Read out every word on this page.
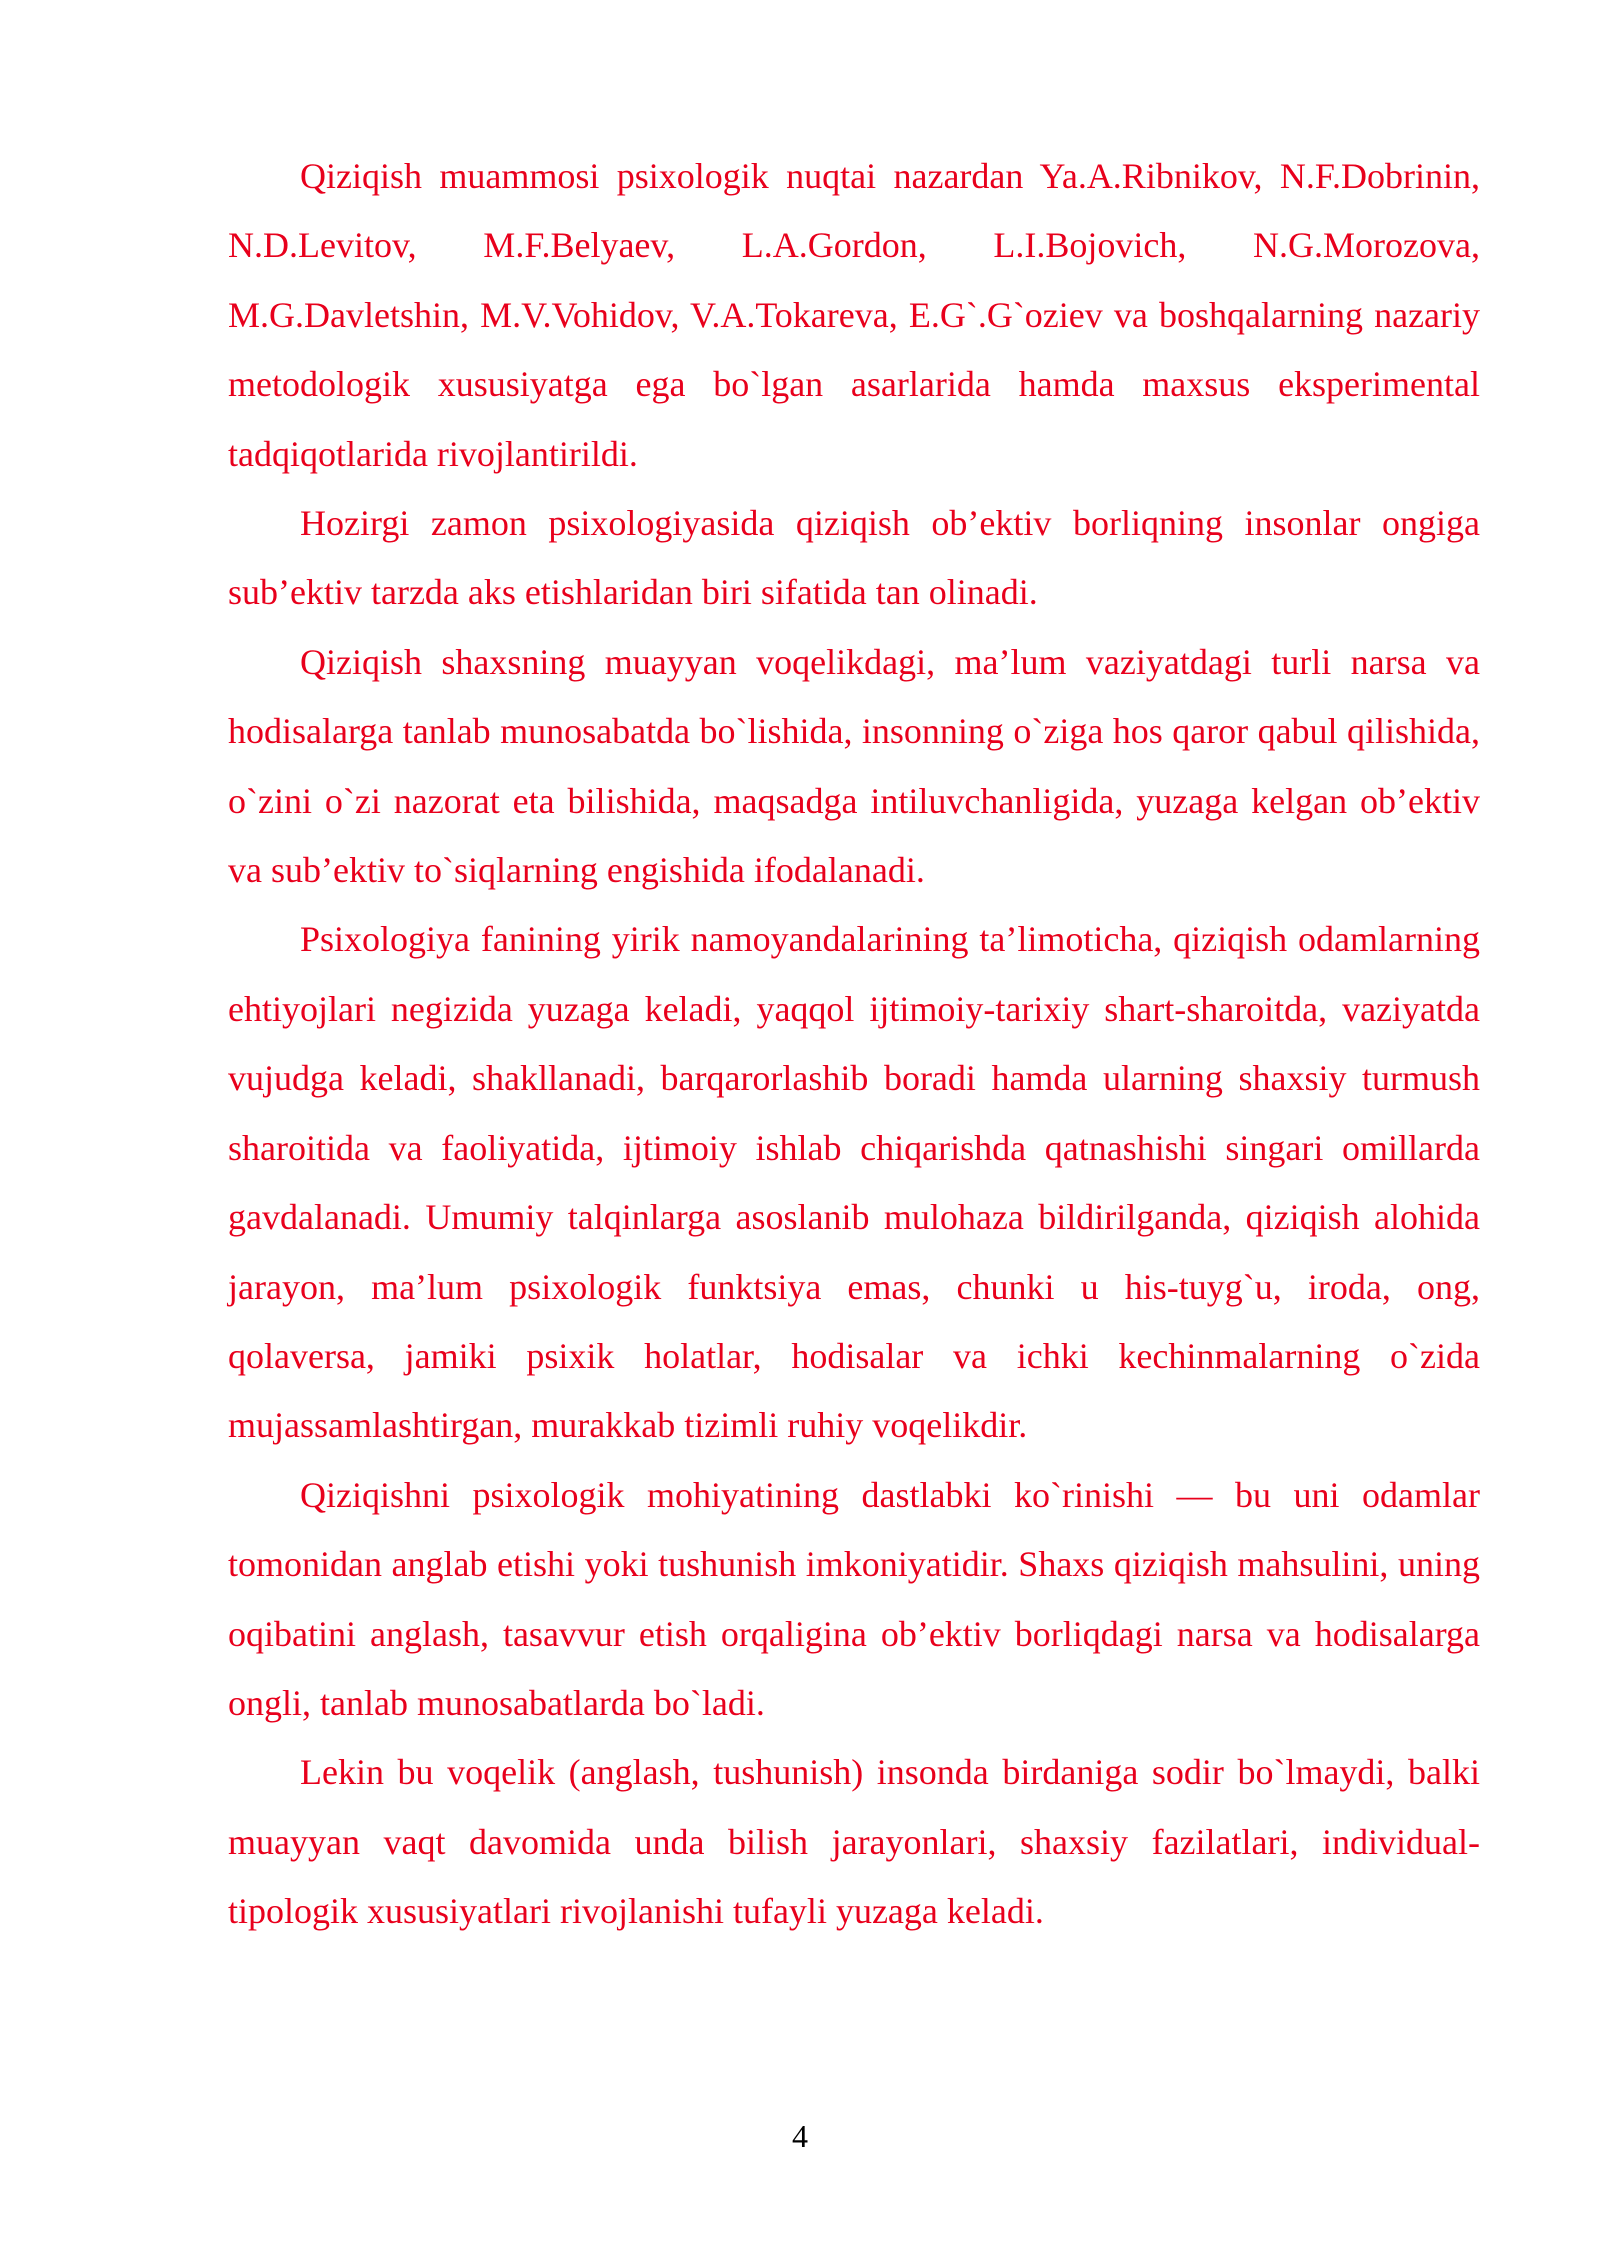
Qiziqish muammosi psixologik nuqtai nazardan Ya.A.Ribnikov, N.F.Dobrinin, N.D.Levitov, M.F.Belyaev, L.A.Gordon, L.I.Bojovich, N.G.Morozova, M.G.Davletshin, M.V.Vohidov, V.A.Tokareva, E.G`.G`oziev va boshqalarning nazariy metodologik xususiyatga ega bo`lgan asarlarida hamda maxsus eksperimental tadqiqotlarida rivojlantirildi.

Hozirgi zamon psixologiyasida qiziqish ob’ektiv borliqning insonlar ongiga sub’ektiv tarzda aks etishlaridan biri sifatida tan olinadi.

Qiziqish shaxsning muayyan voqelikdagi, ma’lum vaziyatdagi turli narsa va hodisalarga tanlab munosabatda bo`lishida, insonning o`ziga hos qaror qabul qilishida, o`zini o`zi nazorat eta bilishida, maqsadga intiluvchanligida, yuzaga kelgan ob’ektiv va sub’ektiv to`siqlarning engishida ifodalanadi.

Psixologiya fanining yirik namoyandalarining ta’limoticha, qiziqish odamlarning ehtiyojlari negizida yuzaga keladi, yaqqol ijtimoiy-tarixiy shart-sharoitda, vaziyatda vujudga keladi, shakllanadi, barqarorlashib boradi hamda ularning shaxsiy turmush sharoitida va faoliyatida, ijtimoiy ishlab chiqarishda qatnashishi singari omillarda gavdalanadi. Umumiy talqinlarga asoslanib mulohaza bildirilganda, qiziqish alohida jarayon, ma’lum psixologik funktsiya emas, chunki u his-tuyg`u, iroda, ong, qolaversa, jamiki psixik holatlar, hodisalar va ichki kechinmalarning o`zida mujassamlashtirgan, murakkab tizimli ruhiy voqelikdir.

Qiziqishni psixologik mohiyatining dastlabki ko`rinishi — bu uni odamlar tomonidan anglab etishi yoki tushunish imkoniyatidir. Shaxs qiziqish mahsulini, uning oqibatini anglash, tasavvur etish orqaligina ob’ektiv borliqdagi narsa va hodisalarga ongli, tanlab munosabatlarda bo`ladi.

Lekin bu voqelik (anglash, tushunish) insonda birdaniga sodir bo`lmaydi, balki muayyan vaqt davomida unda bilish jarayonlari, shaxsiy fazilatlari, individual-tipologik xususiyatlari rivojlanishi tufayli yuzaga keladi.

4
